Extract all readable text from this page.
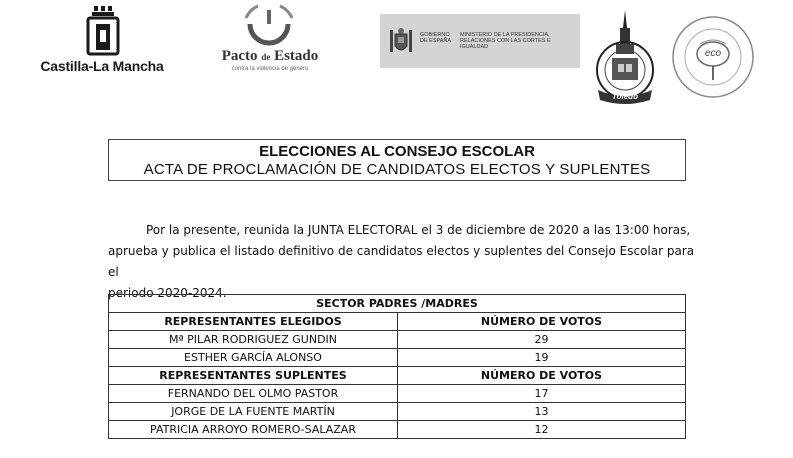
Castilla-La Mancha
Pacto de Estado
contra la violencia de género
GOBIERNO DE ESPAÑA
MINISTERIO DE LA PRESIDENCIA, RELACIONES CON LAS CORTES E IGUALDAD
Toledo
eco
ELECCIONES AL CONSEJO ESCOLAR
ACTA DE PROCLAMACIÓN DE CANDIDATOS ELECTOS Y SUPLENTES
Por la presente, reunida la JUNTA ELECTORAL el 3 de diciembre de 2020 a las 13:00 horas,
aprueba y publica el listado definitivo de candidatos electos y suplentes del Consejo Escolar para el
periodo 2020-2024.
SECTOR PADRES /MADRES	
REPRESENTANTES ELEGIDOS	NÚMERO DE VOTOS
Mª PILAR RODRIGUEZ GUNDIN	29
ESTHER GARCÍA ALONSO	19
REPRESENTANTES SUPLENTES	NÚMERO DE VOTOS
FERNANDO DEL OLMO PASTOR	17
JORGE DE LA FUENTE MARTÍN	13
PATRICIA ARROYO ROMERO-SALAZAR	12
